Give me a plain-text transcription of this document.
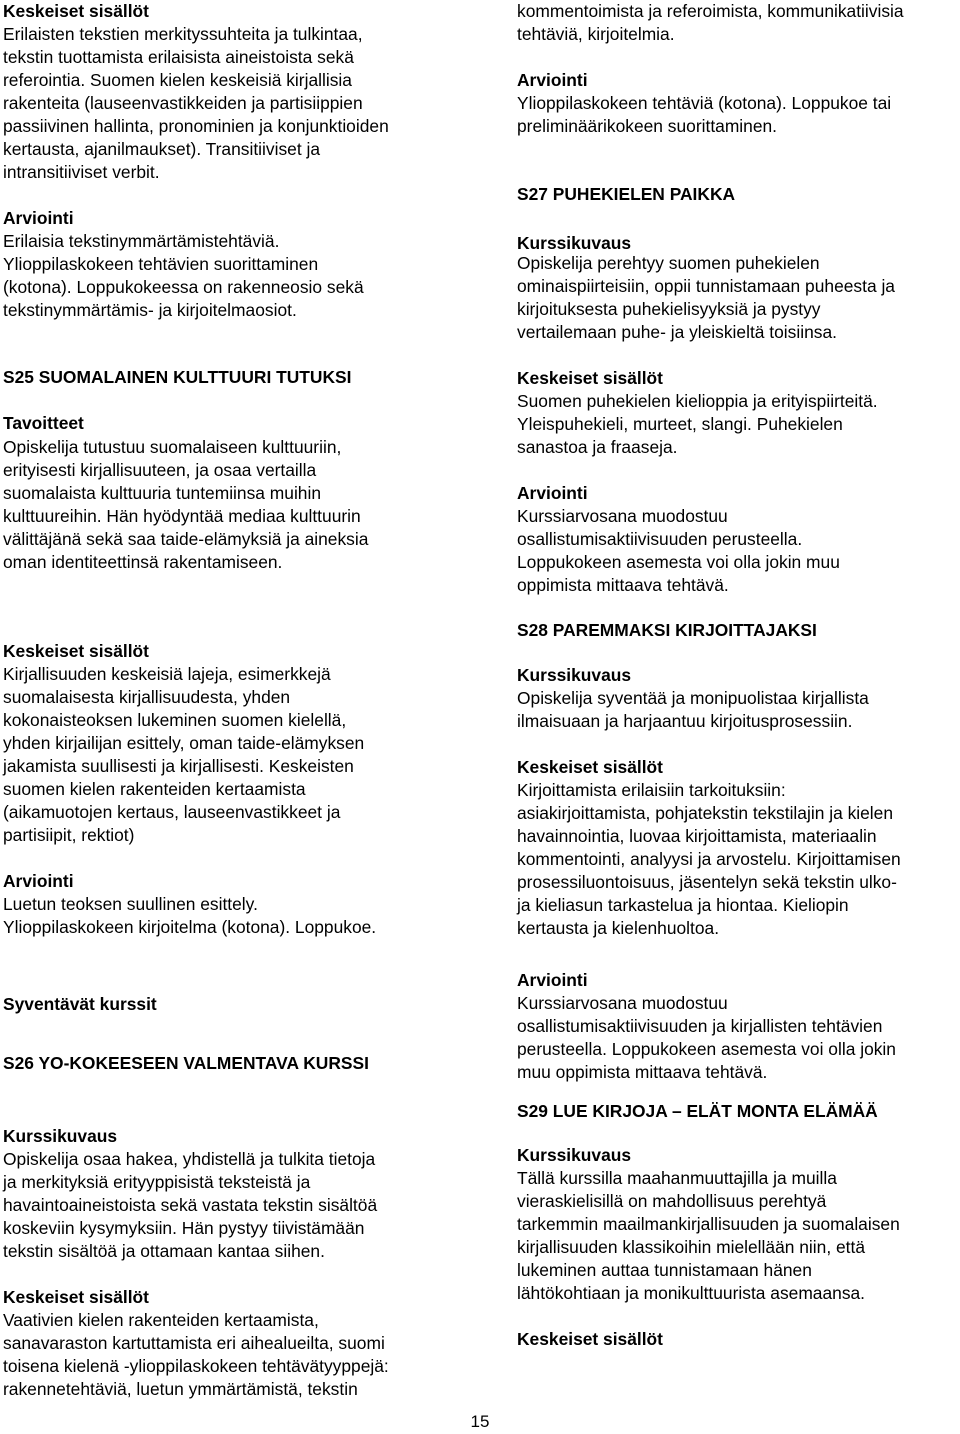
Keskeiset sisällöt
Erilaisten tekstien merkityssuhteita ja tulkintaa,
tekstin tuottamista erilaisista aineistoista sekä
referointia. Suomen kielen keskeisiä kirjallisia
rakenteita (lauseenvastikkeiden ja partisiippien
passiivinen hallinta, pronominien ja konjunktioiden
kertausta, ajanilmaukset). Transitiiviset ja
intransitiiviset verbit.
Arviointi
Erilaisia tekstinymmärtämistehtäviä.
Ylioppilaskokeen tehtävien suorittaminen
(kotona). Loppukokeessa on rakenneosio sekä
tekstinymmärtämis- ja kirjoitelmaosiot.
S25 SUOMALAINEN KULTTUURI TUTUKSI
Tavoitteet
Opiskelija tutustuu suomalaiseen kulttuuriin,
erityisesti kirjallisuuteen, ja osaa vertailla
suomalaista kulttuuria tuntemiinsa muihin
kulttuureihin. Hän hyödyntää mediaa kulttuurin
välittäjänä sekä saa taide-elämyksiä ja aineksia
oman identiteettinsä rakentamiseen.
Keskeiset sisällöt
Kirjallisuuden keskeisiä lajeja, esimerkkejä
suomalaisesta kirjallisuudesta, yhden
kokonaisteoksen lukeminen suomen kielellä,
yhden kirjailijan esittely, oman taide-elämyksen
jakamista suullisesti ja kirjallisesti. Keskeisten
suomen kielen rakenteiden kertaamista
(aikamuotojen kertaus, lauseenvastikkeet ja
partisiipit, rektiot)
Arviointi
Luetun teoksen suullinen esittely.
Ylioppilaskokeen kirjoitelma (kotona). Loppukoe.
Syventävät kurssit
S26 YO-KOKEESEEN VALMENTAVA KURSSI
Kurssikuvaus
Opiskelija osaa hakea, yhdistellä ja tulkita tietoja
ja merkityksiä erityyppisistä teksteistä ja
havaintoaineistoista sekä vastata tekstin sisältöä
koskeviin kysymyksiin. Hän pystyy tiivistämään
tekstin sisältöä ja ottamaan kantaa siihen.
Keskeiset sisällöt
Vaativien kielen rakenteiden kertaamista,
sanavaraston kartuttamista eri aihealueilta, suomi
toisena kielenä -ylioppilaskokeen tehtävätyyppejä:
rakennetehtäviä, luetun ymmärtämistä, tekstin
kommentoimista ja referoimista, kommunikatiivisia
tehtäviä, kirjoitelmia.
Arviointi
Ylioppilaskokeen tehtäviä (kotona). Loppukoe tai
preliminäärikokeen suorittaminen.
S27 PUHEKIELEN PAIKKA
Kurssikuvaus
Opiskelija perehtyy suomen puhekielen
ominaispiirteisiin, oppii tunnistamaan puheesta ja
kirjoituksesta puhekielisyyksiä ja pystyy
vertailemaan puhe- ja yleiskieltä toisiinsa.
Keskeiset sisällöt
Suomen puhekielen kielioppia ja erityispiirteitä.
Yleispuhekieli, murteet, slangi. Puhekielen
sanastoa ja fraaseja.
Arviointi
Kurssiarvosana muodostuu
osallistumisaktiivisuuden perusteella.
Loppukokeen asemesta voi olla jokin muu
oppimista mittaava tehtävä.
S28 PAREMMAKSI KIRJOITTAJAKSI
Kurssikuvaus
Opiskelija syventää ja monipuolistaa kirjallista
ilmaisuaan ja harjaantuu kirjoitusprosessiin.
Keskeiset sisällöt
Kirjoittamista erilaisiin tarkoituksiin:
asiakirjoittamista, pohjatekstin tekstilajin ja kielen
havainnointia, luovaa kirjoittamista, materiaalin
kommentointi, analyysi ja arvostelu. Kirjoittamisen
prosessiluontoisuus, jäsentelyn sekä tekstin ulko-
ja kieliasun tarkastelua ja hiontaa. Kieliopin
kertausta ja kielenhuoltoa.
Arviointi
Kurssiarvosana muodostuu
osallistumisaktiivisuuden ja kirjallisten tehtävien
perusteella. Loppukokeen asemesta voi olla jokin
muu oppimista mittaava tehtävä.
S29 LUE KIRJOJA – ELÄT MONTA ELÄMÄÄ
Kurssikuvaus
Tällä kurssilla maahanmuuttajilla ja muilla
vieraskielisillä on mahdollisuus perehtyä
tarkemmin maailmankirjallisuuden ja suomalaisen
kirjallisuuden klassikoihin mielellään niin, että
lukeminen auttaa tunnistamaan hänen
lähtökohtiaan ja monikulttuurista asemaansa.
Keskeiset sisällöt
15
